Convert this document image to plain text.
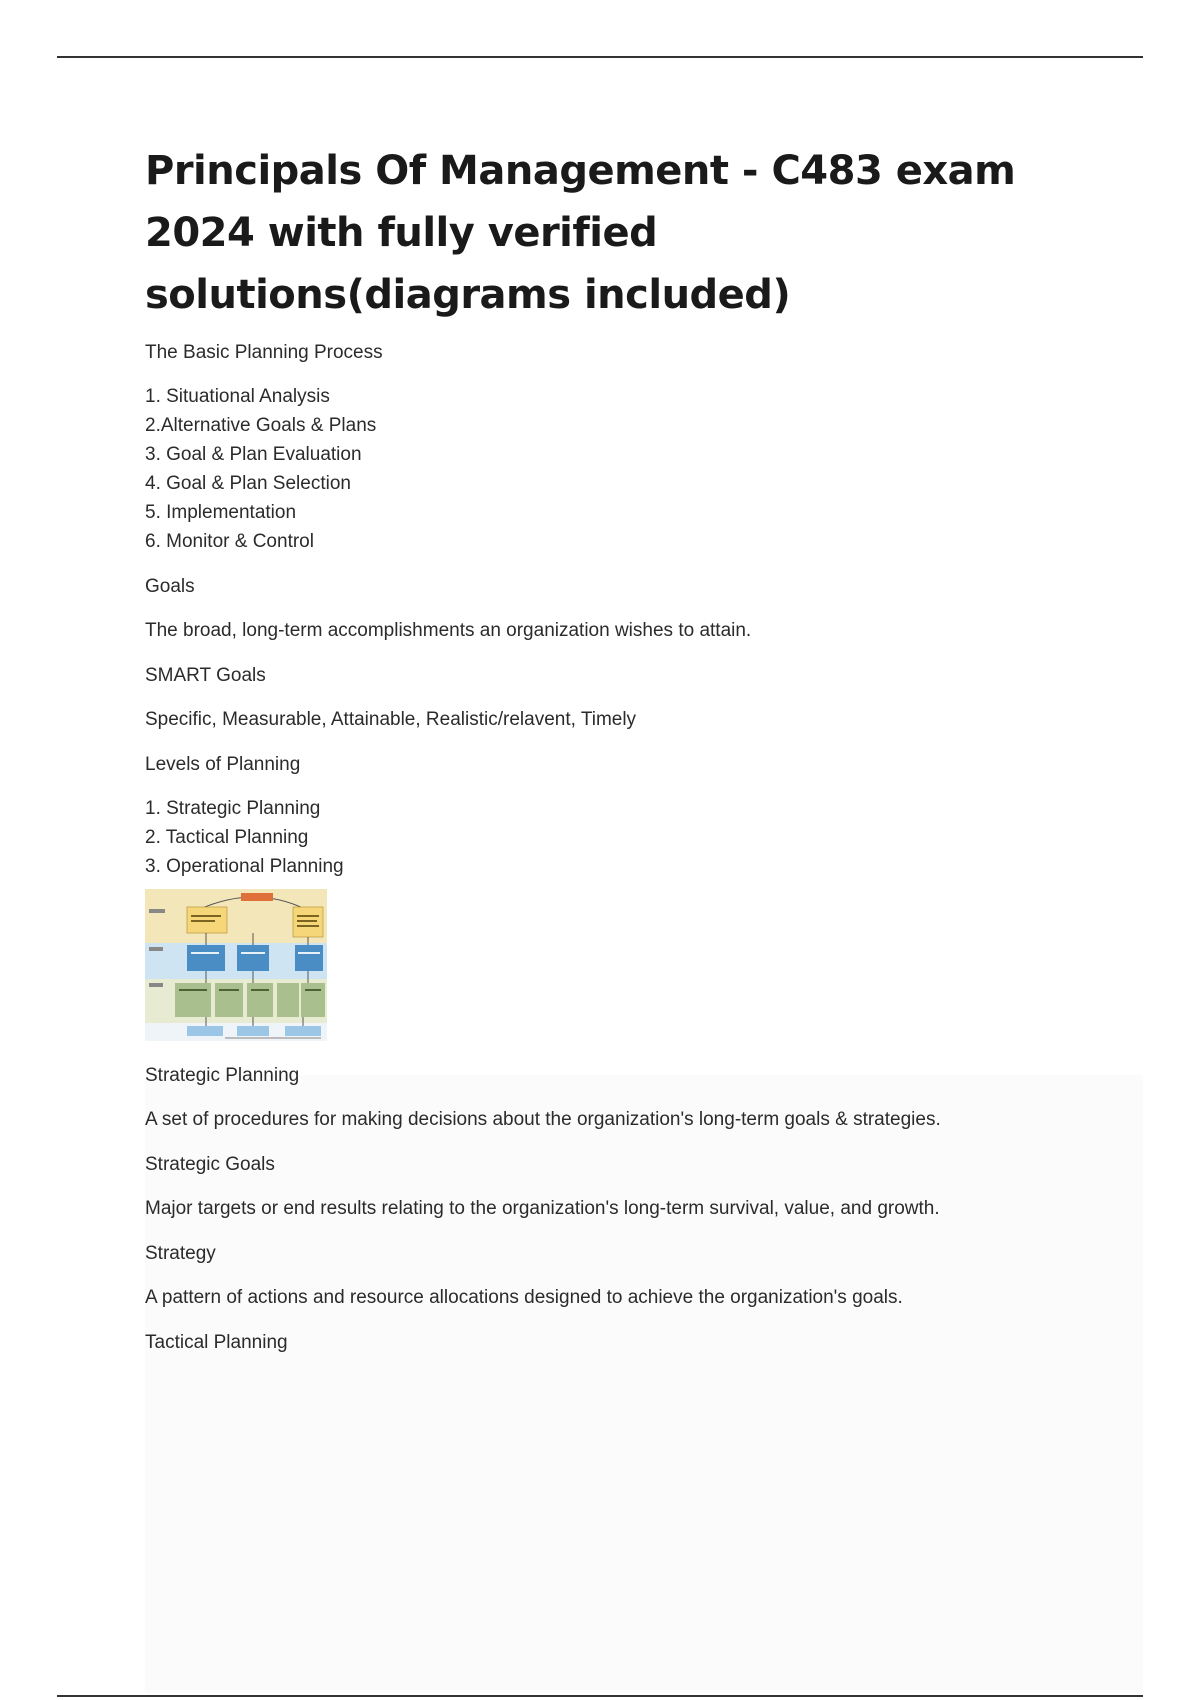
Principals Of Management - C483 exam 2024 with fully verified solutions(diagrams included)

The Basic Planning Process

1. Situational Analysis
2.Alternative Goals & Plans
3. Goal & Plan Evaluation
4. Goal & Plan Selection
5. Implementation
6. Monitor & Control

Goals

The broad, long-term accomplishments an organization wishes to attain.

SMART Goals

Specific, Measurable, Attainable, Realistic/relavent, Timely

Levels of Planning

1. Strategic Planning
2. Tactical Planning
3. Operational Planning

Strategic Planning

A set of procedures for making decisions about the organization's long-term goals & strategies.

Strategic Goals

Major targets or end results relating to the organization's long-term survival, value, and growth.

Strategy

A pattern of actions and resource allocations designed to achieve the organization's goals.

Tactical Planning
